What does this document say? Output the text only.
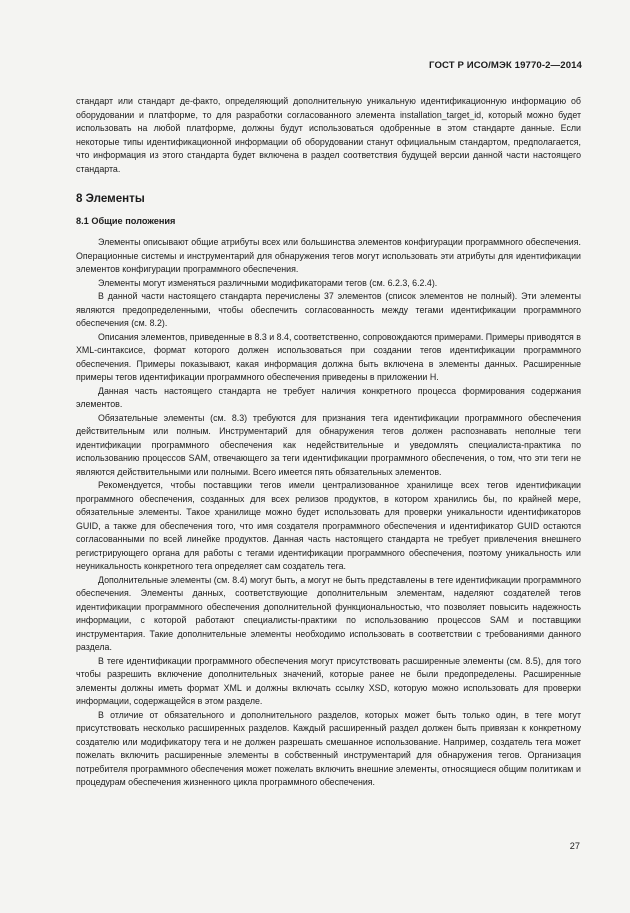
ГОСТ Р ИСО/МЭК 19770-2—2014

стандарт или стандарт де-факто, определяющий дополнительную уникальную идентификационную информацию об оборудовании и платформе, то для разработки согласованного элемента installation_target_id, который можно будет использовать на любой платформе, должны будут использоваться одобренные в этом стандарте данные. Если некоторые типы идентификационной информации об оборудовании станут официальным стандартом, предполагается, что информация из этого стандарта будет включена в раздел соответствия будущей версии данной части настоящего стандарта.

8 Элементы
8.1 Общие положения

Элементы описывают общие атрибуты всех или большинства элементов конфигурации программного обеспечения. Операционные системы и инструментарий для обнаружения тегов могут использовать эти атрибуты для идентификации элементов конфигурации программного обеспечения.

Элементы могут изменяться различными модификаторами тегов (см. 6.2.3, 6.2.4).

В данной части настоящего стандарта перечислены 37 элементов (список элементов не полный). Эти элементы являются предопределенными, чтобы обеспечить согласованность между тегами идентификации программного обеспечения (см. 8.2).

Описания элементов, приведенные в 8.3 и 8.4, соответственно, сопровождаются примерами. Примеры приводятся в XML-синтаксисе, формат которого должен использоваться при создании тегов идентификации программного обеспечения. Примеры показывают, какая информация должна быть включена в элементы данных. Расширенные примеры тегов идентификации программного обеспечения приведены в приложении Н.

Данная часть настоящего стандарта не требует наличия конкретного процесса формирования содержания элементов.

Обязательные элементы (см. 8.3) требуются для признания тега идентификации программного обеспечения действительным или полным. Инструментарий для обнаружения тегов должен распознавать неполные теги идентификации программного обеспечения как недействительные и уведомлять специалиста-практика по использованию процессов SAM, отвечающего за теги идентификации программного обеспечения, о том, что эти теги не являются действительными или полными. Всего имеется пять обязательных элементов.

Рекомендуется, чтобы поставщики тегов имели централизованное хранилище всех тегов идентификации программного обеспечения, созданных для всех релизов продуктов, в котором хранились бы, по крайней мере, обязательные элементы. Такое хранилище можно будет использовать для проверки уникальности идентификаторов GUID, а также для обеспечения того, что имя создателя программного обеспечения и идентификатор GUID остаются согласованными по всей линейке продуктов. Данная часть настоящего стандарта не требует привлечения внешнего регистрирующего органа для работы с тегами идентификации программного обеспечения, поэтому уникальность или неуникальность конкретного тега определяет сам создатель тега.

Дополнительные элементы (см. 8.4) могут быть, а могут не быть представлены в теге идентификации программного обеспечения. Элементы данных, соответствующие дополнительным элементам, наделяют создателей тегов идентификации программного обеспечения дополнительной функциональностью, что позволяет повысить надежность информации, с которой работают специалисты-практики по использованию процессов SAM и поставщики инструментария. Такие дополнительные элементы необходимо использовать в соответствии с требованиями данного раздела.

В теге идентификации программного обеспечения могут присутствовать расширенные элементы (см. 8.5), для того чтобы разрешить включение дополнительных значений, которые ранее не были предопределены. Расширенные элементы должны иметь формат XML и должны включать ссылку XSD, которую можно использовать для проверки информации, содержащейся в этом разделе.

В отличие от обязательного и дополнительного разделов, которых может быть только один, в теге могут присутствовать несколько расширенных разделов. Каждый расширенный раздел должен быть привязан к конкретному создателю или модификатору тега и не должен разрешать смешанное использование. Например, создатель тега может пожелать включить расширенные элементы в собственный инструментарий для обнаружения тегов. Организация потребителя программного обеспечения может пожелать включить внешние элементы, относящиеся общим политикам и процедурам обеспечения жизненного цикла программного обеспечения.

27
